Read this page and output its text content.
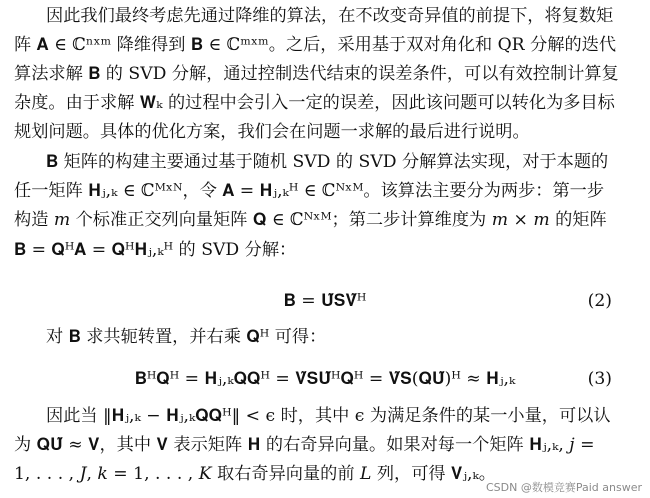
因此我们最终考虑先通过降维的算法，在不改变奇异值的前提下，将复数矩
阵 𝐀 ∈ ℂⁿˣᵐ 降维得到 𝐁 ∈ ℂᵐˣᵐ。之后，采用基于双对角化和 QR 分解的迭代
算法求解 𝐁 的 SVD 分解，通过控制迭代结束的误差条件，可以有效控制计算复
杂度。由于求解 𝐖ₖ 的过程中会引入一定的误差，因此该问题可以转化为多目标
规划问题。具体的优化方案，我们会在问题一求解的最后进行说明。
𝐁 矩阵的构建主要通过基于随机 SVD 的 SVD 分解算法实现，对于本题的
任一矩阵 𝐇ⱼ,ₖ ∈ ℂᴹˣᴺ，令 𝐀 = 𝐇ⱼ,ₖᴴ ∈ ℂᴺˣᴹ。该算法主要分为两步：第一步
构造 𝑚 个标准正交列向量矩阵 𝐐 ∈ ℂᴺˣᴹ；第二步计算维度为 𝑚 × 𝑚 的矩阵
𝐁 = 𝐐ᴴ𝐀 = 𝐐ᴴ𝐇ⱼ,ₖᴴ 的 SVD 分解：
𝐁 = 𝐔̃𝐒𝐕̃ᴴ	(2)
对 𝐁 求共轭转置，并右乘 𝐐ᴴ 可得：
𝐁ᴴ𝐐ᴴ = 𝐇ⱼ,ₖ𝐐𝐐ᴴ = 𝐕̃𝐒𝐔̃ᴴ𝐐ᴴ = 𝐕̃𝐒(𝐐𝐔̃)ᴴ ≈ 𝐇ⱼ,ₖ	(3)
因此当 ‖𝐇ⱼ,ₖ − 𝐇ⱼ,ₖ𝐐𝐐ᴴ‖ < ϵ 时，其中 ϵ 为满足条件的某一小量，可以认
为 𝐐𝐔̃ ≈ 𝐕，其中 𝐕 表示矩阵 𝐇 的右奇异向量。如果对每一个矩阵 𝐇ⱼ,ₖ, 𝑗 =
1, . . . , 𝐽, 𝑘 = 1, . . . , 𝐾 取右奇异向量的前 𝐿 列，可得 𝐕ⱼ,ₖ。
CSDN @数模竞赛Paid answer
